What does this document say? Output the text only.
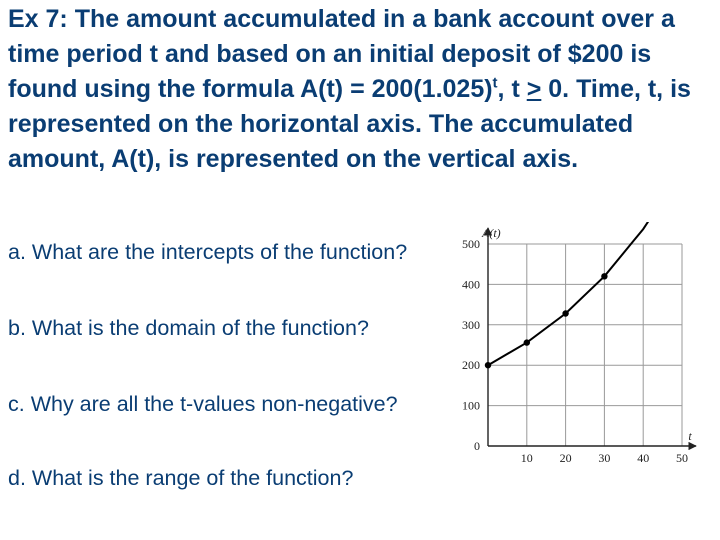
Ex 7: The amount accumulated in a bank account over a time period t and based on an initial deposit of $200 is found using the formula $A(t) = 200(1.025)^t$, t ≥ 0. Time, t, is represented on the horizontal axis. The accumulated amount, A(t), is represented on the vertical axis.
a. What are the intercepts of the function?
b. What is the domain of the function?
c. Why are all the t-values non-negative?
d. What is the range of the function?
0
100
200
300
400
500
10 20 30 40 50
A(t)
t
